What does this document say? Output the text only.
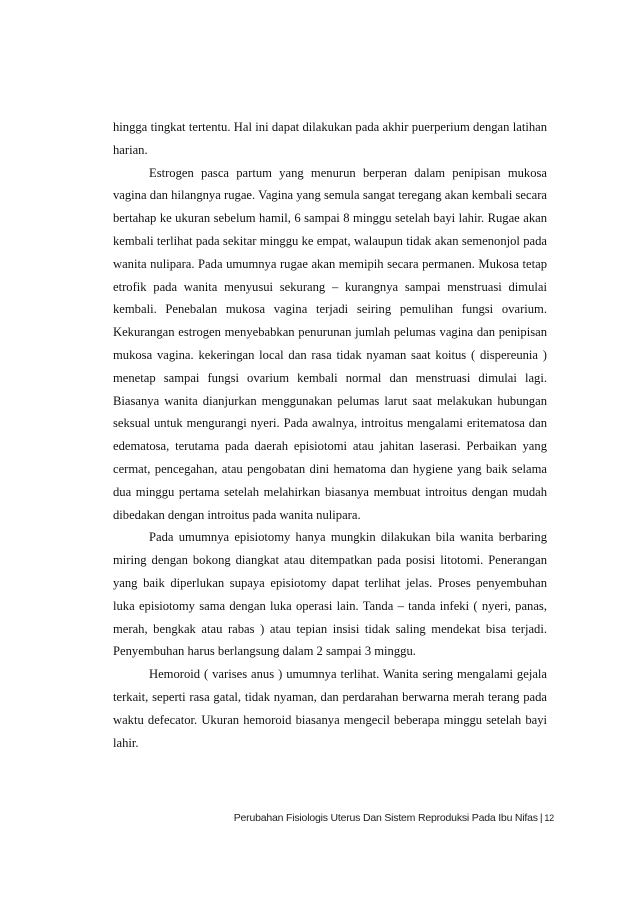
hingga tingkat tertentu. Hal ini dapat dilakukan pada akhir puerperium dengan latihan harian.

Estrogen pasca partum yang menurun berperan dalam penipisan mukosa vagina dan hilangnya rugae. Vagina yang semula sangat teregang akan kembali secara bertahap ke ukuran sebelum hamil, 6 sampai 8 minggu setelah bayi lahir. Rugae akan kembali terlihat pada sekitar minggu ke empat, walaupun tidak akan semenonjol pada wanita nulipara. Pada umumnya rugae akan memipih secara permanen. Mukosa tetap etrofik pada wanita menyusui sekurang – kurangnya sampai menstruasi dimulai kembali. Penebalan mukosa vagina terjadi seiring pemulihan fungsi ovarium. Kekurangan estrogen menyebabkan penurunan jumlah pelumas vagina dan penipisan mukosa vagina. kekeringan local dan rasa tidak nyaman saat koitus ( dispereunia ) menetap sampai fungsi ovarium kembali normal dan menstruasi dimulai lagi. Biasanya wanita dianjurkan menggunakan pelumas larut saat melakukan hubungan seksual untuk mengurangi nyeri. Pada awalnya, introitus mengalami eritematosa dan edematosa, terutama pada daerah episiotomi atau jahitan laserasi. Perbaikan yang cermat, pencegahan, atau pengobatan dini hematoma dan hygiene yang baik selama dua minggu pertama setelah melahirkan biasanya membuat introitus dengan mudah dibedakan dengan introitus pada wanita nulipara.

Pada umumnya episiotomy hanya mungkin dilakukan bila wanita berbaring miring dengan bokong diangkat atau ditempatkan pada posisi litotomi. Penerangan yang baik diperlukan supaya episiotomy dapat terlihat jelas. Proses penyembuhan luka episiotomy sama dengan luka operasi lain. Tanda – tanda infeki ( nyeri, panas, merah, bengkak atau rabas ) atau tepian insisi tidak saling mendekat bisa terjadi. Penyembuhan harus berlangsung dalam 2 sampai 3 minggu.

Hemoroid ( varises anus ) umumnya terlihat. Wanita sering mengalami gejala terkait, seperti rasa gatal, tidak nyaman, dan perdarahan berwarna merah terang pada waktu defecator. Ukuran hemoroid biasanya mengecil beberapa minggu setelah bayi lahir.

Perubahan Fisiologis Uterus Dan Sistem Reproduksi Pada Ibu Nifas | 12
